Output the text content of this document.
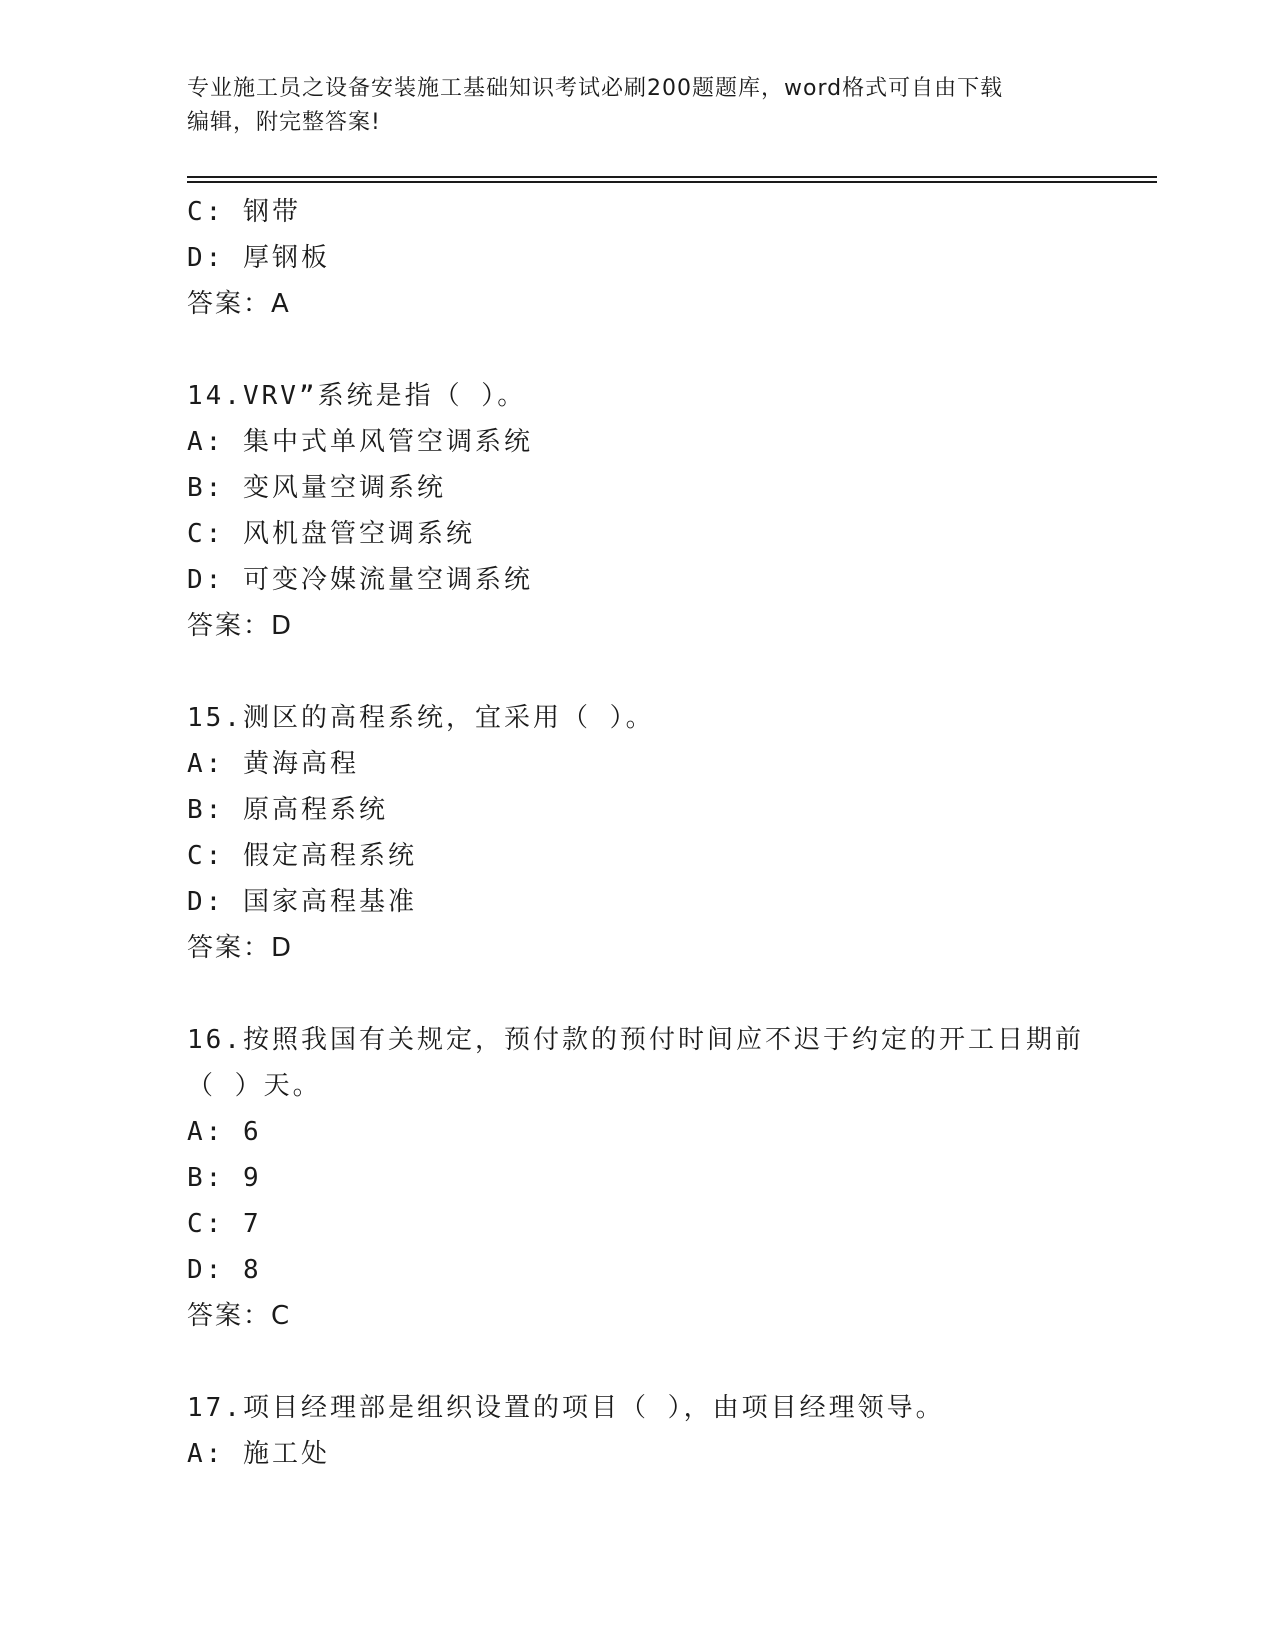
专业施工员之设备安装施工基础知识考试必刷200题题库，word格式可自由下载
编辑，附完整答案!
C: 钢带
D: 厚钢板
答案：A
14.VRV”系统是指（ ）。
A: 集中式单风管空调系统
B: 变风量空调系统
C: 风机盘管空调系统
D: 可变冷媒流量空调系统
答案：D
15.测区的高程系统，宜采用（ ）。
A: 黄海高程
B: 原高程系统
C: 假定高程系统
D: 国家高程基准
答案：D
16.按照我国有关规定，预付款的预付时间应不迟于约定的开工日期前
（ ）天。
A: 6
B: 9
C: 7
D: 8
答案：C
17.项目经理部是组织设置的项目（ ），由项目经理领导。
A: 施工处
